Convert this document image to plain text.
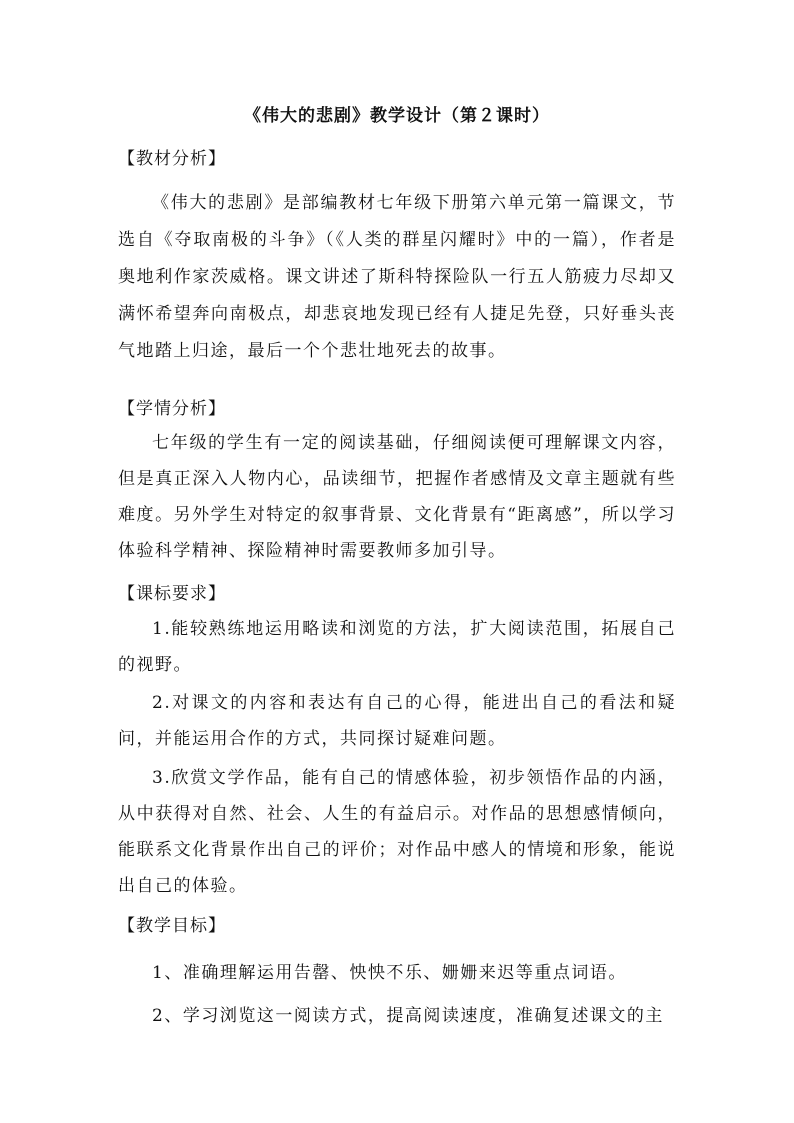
《伟大的悲剧》教学设计（第２课时）
【教材分析】

《伟大的悲剧》是部编教材七年级下册第六单元第一篇课文，节选自《夺取南极的斗争》（《人类的群星闪耀时》中的一篇），作者是奥地利作家茨威格。课文讲述了斯科特探险队一行五人筋疲力尽却又满怀希望奔向南极点，却悲哀地发现已经有人捷足先登，只好垂头丧气地踏上归途，最后一个个悲壮地死去的故事。

【学情分析】

七年级的学生有一定的阅读基础，仔细阅读便可理解课文内容，但是真正深入人物内心，品读细节，把握作者感情及文章主题就有些难度。另外学生对特定的叙事背景、文化背景有“距离感”，所以学习体验科学精神、探险精神时需要教师多加引导。

【课标要求】

1.能较熟练地运用略读和浏览的方法，扩大阅读范围，拓展自己的视野。

2.对课文的内容和表达有自己的心得，能进出自己的看法和疑问，并能运用合作的方式，共同探讨疑难问题。

3.欣赏文学作品，能有自己的情感体验，初步领悟作品的内涵，从中获得对自然、社会、人生的有益启示。对作品的思想感情倾向，能联系文化背景作出自己的评价；对作品中感人的情境和形象，能说出自己的体验。

【教学目标】

1、准确理解运用告罄、怏怏不乐、姗姗来迟等重点词语。

2、学习浏览这一阅读方式，提高阅读速度，准确复述课文的主
